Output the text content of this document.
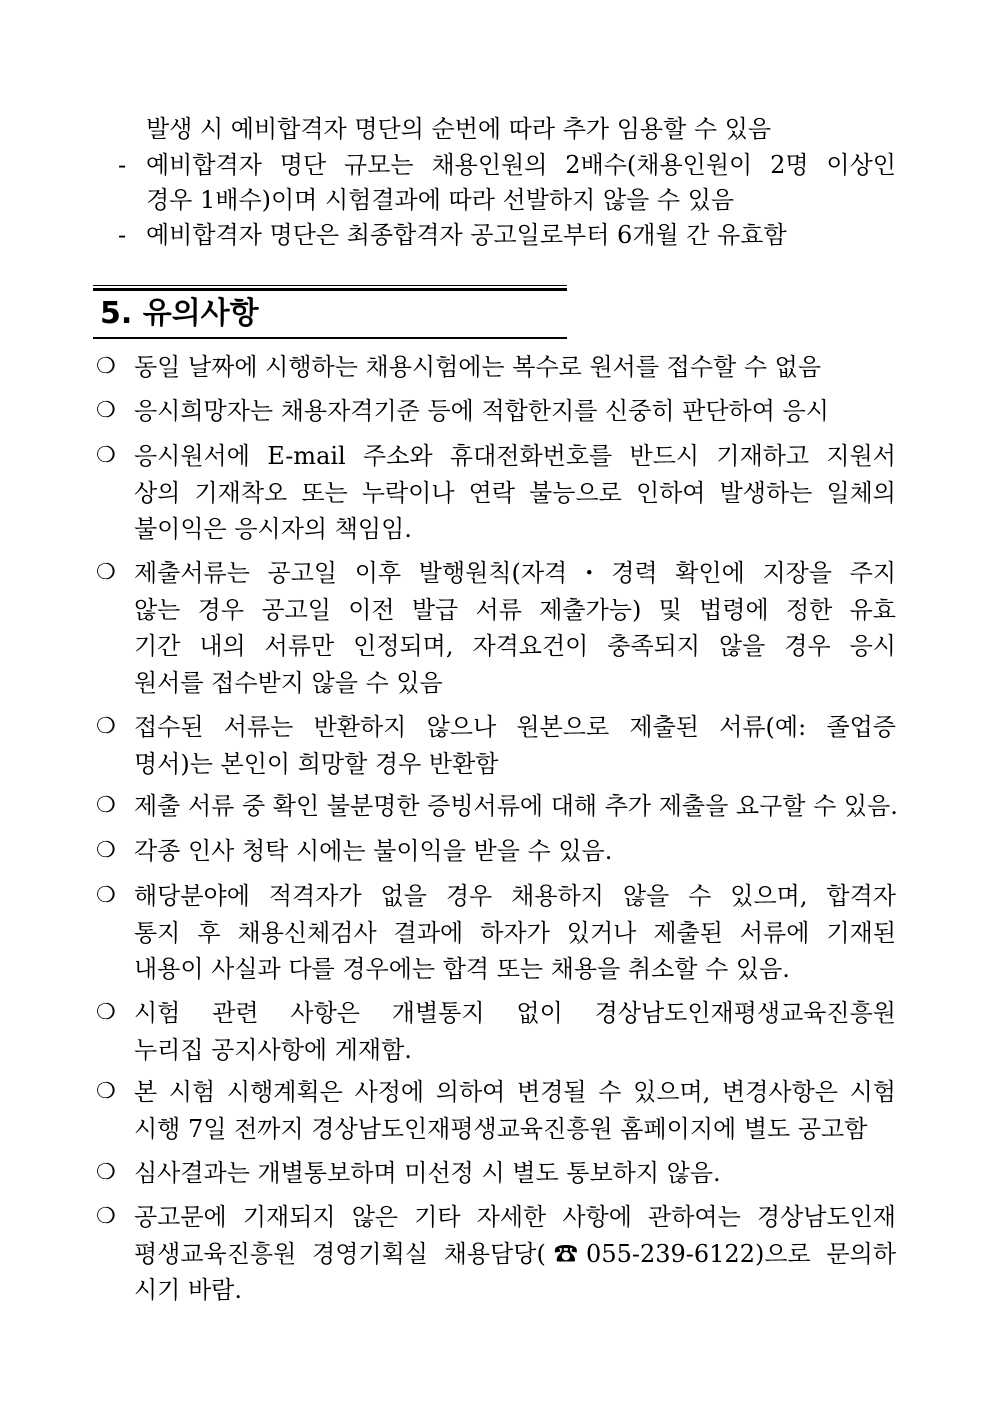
발생 시 예비합격자 명단의 순번에 따라 추가 임용할 수 있음
- 예비합격자 명단 규모는 채용인원의 2배수(채용인원이 2명 이상인
경우 1배수)이며 시험결과에 따라 선발하지 않을 수 있음
- 예비합격자 명단은 최종합격자 공고일로부터 6개월 간 유효함
5. 유의사항
❍ 동일 날짜에 시행하는 채용시험에는 복수로 원서를 접수할 수 없음
❍ 응시희망자는 채용자격기준 등에 적합한지를 신중히 판단하여 응시
❍ 응시원서에 E-mail 주소와 휴대전화번호를 반드시 기재하고 지원서
상의 기재착오 또는 누락이나 연락 불능으로 인하여 발생하는 일체의
불이익은 응시자의 책임임.
❍ 제출서류는 공고일 이후 발행원칙(자격・경력 확인에 지장을 주지
않는 경우 공고일 이전 발급 서류 제출가능) 및 법령에 정한 유효
기간 내의 서류만 인정되며, 자격요건이 충족되지 않을 경우 응시
원서를 접수받지 않을 수 있음
❍ 접수된 서류는 반환하지 않으나 원본으로 제출된 서류(예: 졸업증
명서)는 본인이 희망할 경우 반환함
❍ 제출 서류 중 확인 불분명한 증빙서류에 대해 추가 제출을 요구할 수 있음.
❍ 각종 인사 청탁 시에는 불이익을 받을 수 있음.
❍ 해당분야에 적격자가 없을 경우 채용하지 않을 수 있으며, 합격자
통지 후 채용신체검사 결과에 하자가 있거나 제출된 서류에 기재된
내용이 사실과 다를 경우에는 합격 또는 채용을 취소할 수 있음.
❍ 시험 관련 사항은 개별통지 없이 경상남도인재평생교육진흥원
누리집 공지사항에 게재함.
❍ 본 시험 시행계획은 사정에 의하여 변경될 수 있으며, 변경사항은 시험
시행 7일 전까지 경상남도인재평생교육진흥원 홈페이지에 별도 공고함
❍ 심사결과는 개별통보하며 미선정 시 별도 통보하지 않음.
❍ 공고문에 기재되지 않은 기타 자세한 사항에 관하여는 경상남도인재
평생교육진흥원 경영기획실 채용담당(☎055-239-6122)으로 문의하
시기 바람.
